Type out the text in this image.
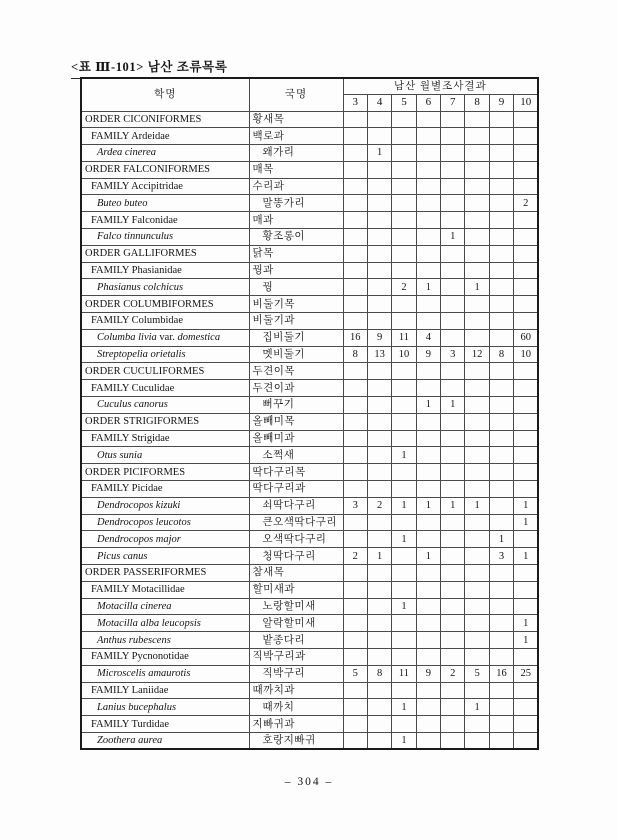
<표 Ⅲ-101> 남산 조류목록
학명	국명	남산 월별조사결과							
		3	4	5	6	7	8	9	10
ORDER CICONIFORMES	황새목								
FAMILY Ardeidae	백로과								
Ardea cinerea	왜가리		1						
ORDER FALCONIFORMES	매목								
FAMILY Accipitridae	수리과								
Buteo buteo	말똥가리								2
FAMILY Falconidae	매과								
Falco tinnunculus	황조롱이					1			
ORDER GALLIFORMES	닭목								
FAMILY Phasianidae	꿩과								
Phasianus colchicus	꿩			2	1		1		
ORDER COLUMBIFORMES	비둘기목								
FAMILY Columbidae	비둘기과								
Columba livia var. domestica	집비둘기	16	9	11	4				60
Streptopelia orietalis	멧비둘기	8	13	10	9	3	12	8	10
ORDER CUCULIFORMES	두견이목								
FAMILY Cuculidae	두견이과								
Cuculus canorus	뻐꾸기				1	1			
ORDER STRIGIFORMES	올빼미목								
FAMILY Strigidae	올빼미과								
Otus sunia	소쩍새			1					
ORDER PICIFORMES	딱다구리목								
FAMILY Picidae	딱다구리과								
Dendrocopos kizuki	쇠딱다구리	3	2	1	1	1	1		1
Dendrocopos leucotos	큰오색딱다구리								1
Dendrocopos major	오색딱다구리			1				1	
Picus canus	청딱다구리	2	1		1			3	1
ORDER PASSERIFORMES	참새목								
FAMILY Motacillidae	할미새과								
Motacilla cinerea	노랑할미새			1					
Motacilla alba leucopsis	알락할미새								1
Anthus rubescens	밭종다리								1
FAMILY Pycnonotidae	직박구리과								
Microscelis amaurotis	직박구리	5	8	11	9	2	5	16	25
FAMILY Laniidae	때까치과								
Lanius bucephalus	때까치			1			1		
FAMILY Turdidae	지빠귀과								
Zoothera aurea	호랑지빠귀			1					
– 304 –
